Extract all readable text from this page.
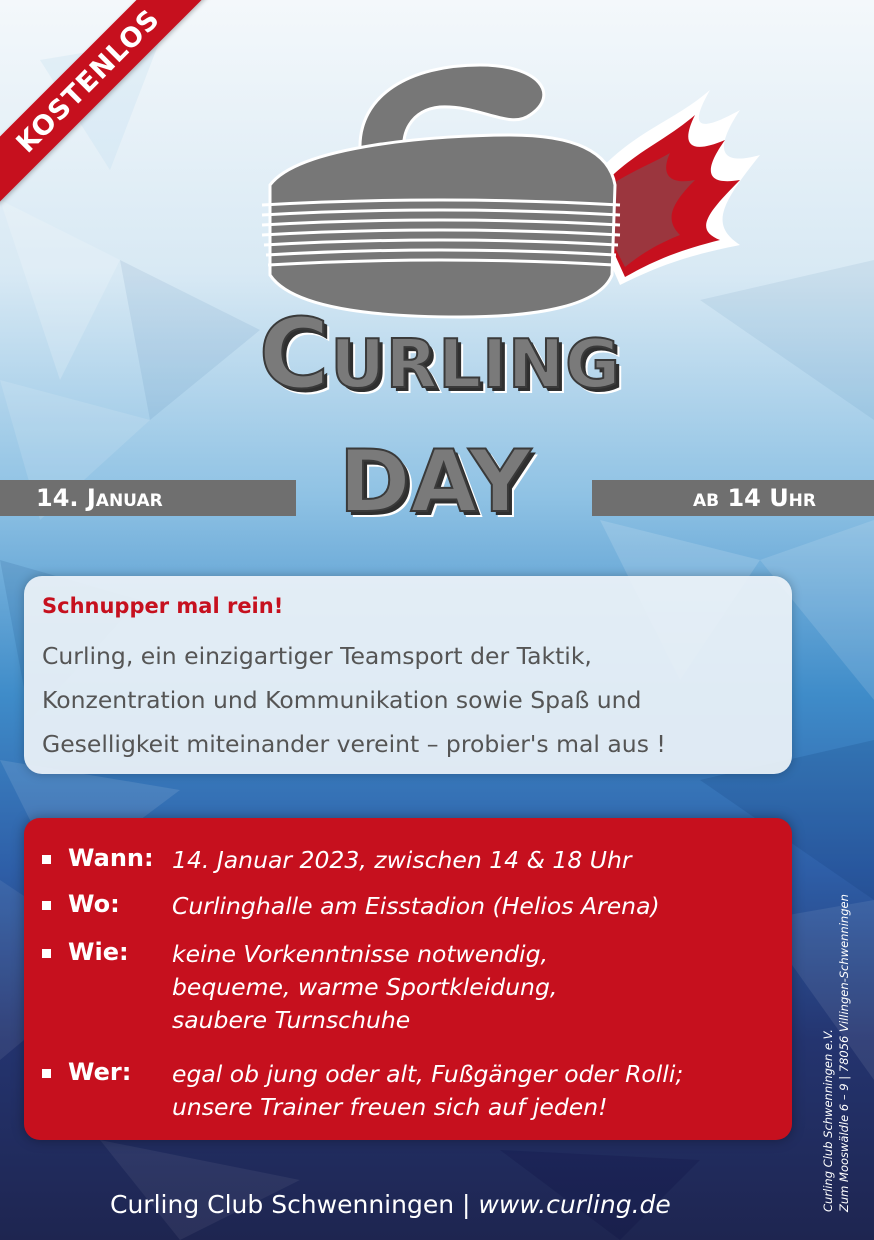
KOSTENLOS
Curling
14. Januar	ab 14 Uhr
DAY
Schnupper mal rein!
Curling, ein einzigartiger Teamsport der Taktik,
Konzentration und Kommunikation sowie Spaß und
Geselligkeit miteinander vereint – probier's mal aus !
Wann: 14. Januar 2023, zwischen 14 & 18 Uhr
Wo: Curlinghalle am Eisstadion (Helios Arena)
Wie: keine Vorkenntnisse notwendig,
bequeme, warme Sportkleidung,
saubere Turnschuhe
Wer: egal ob jung oder alt, Fußgänger oder Rolli;
unsere Trainer freuen sich auf jeden!	Curling Club Schwenningen e.V. Zum Mooswäldle 6 – 9 | 78056 Villingen-Schwenningen
Curling Club Schwenningen | www.curling.de
